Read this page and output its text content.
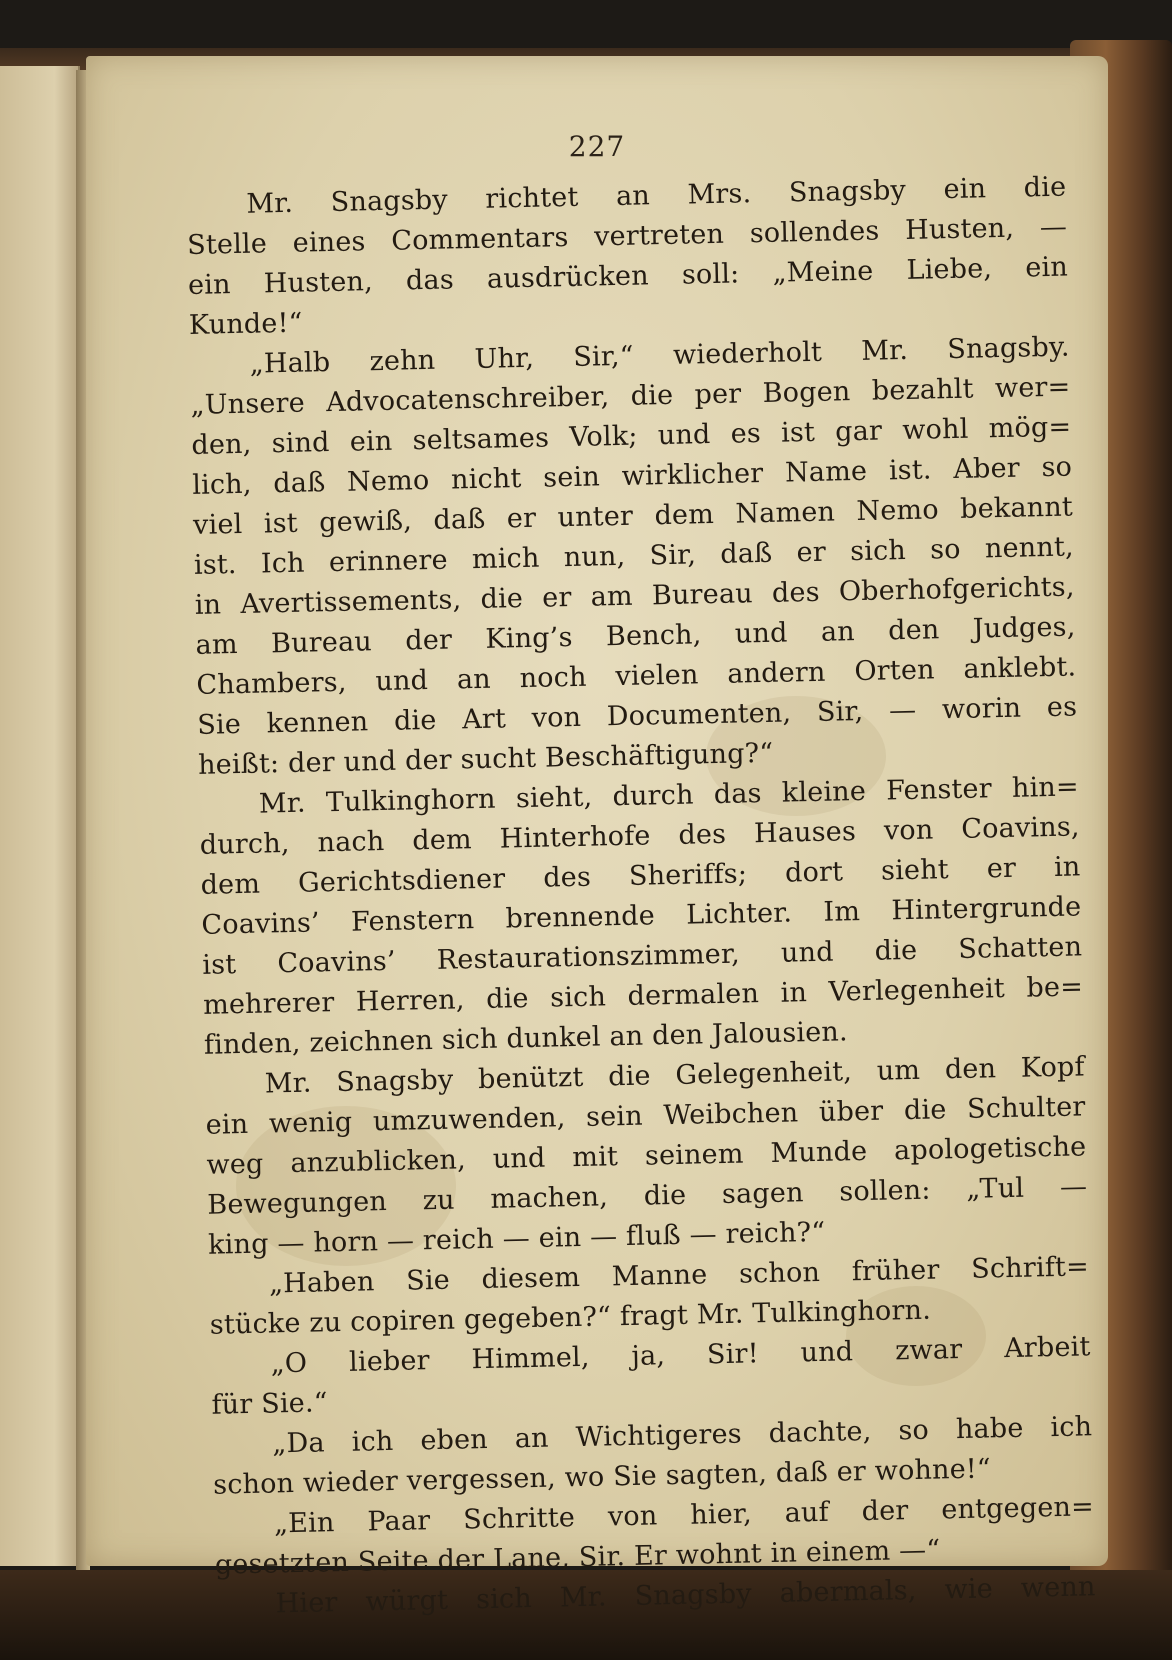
227
Mr. Snagsby richtet an Mrs. Snagsby ein die
Stelle eines Commentars vertreten sollendes Husten, —
ein Husten, das ausdrücken soll: „Meine Liebe, ein
Kunde!“
„Halb zehn Uhr, Sir,“ wiederholt Mr. Snagsby.
„Unsere Advocatenschreiber, die per Bogen bezahlt wer=
den, sind ein seltsames Volk; und es ist gar wohl mög=
lich, daß Nemo nicht sein wirklicher Name ist. Aber so
viel ist gewiß, daß er unter dem Namen Nemo bekannt
ist. Ich erinnere mich nun, Sir, daß er sich so nennt,
in Avertissements, die er am Bureau des Oberhofgerichts,
am Bureau der King’s Bench, und an den Judges,
Chambers, und an noch vielen andern Orten anklebt.
Sie kennen die Art von Documenten, Sir, — worin es
heißt: der und der sucht Beschäftigung?“
Mr. Tulkinghorn sieht, durch das kleine Fenster hin=
durch, nach dem Hinterhofe des Hauses von Coavins,
dem Gerichtsdiener des Sheriffs; dort sieht er in
Coavins’ Fenstern brennende Lichter. Im Hintergrunde
ist Coavins’ Restaurationszimmer, und die Schatten
mehrerer Herren, die sich dermalen in Verlegenheit be=
finden, zeichnen sich dunkel an den Jalousien.
Mr. Snagsby benützt die Gelegenheit, um den Kopf
ein wenig umzuwenden, sein Weibchen über die Schulter
weg anzublicken, und mit seinem Munde apologetische
Bewegungen zu machen, die sagen sollen: „Tul —
king — horn — reich — ein — fluß — reich?“
„Haben Sie diesem Manne schon früher Schrift=
stücke zu copiren gegeben?“ fragt Mr. Tulkinghorn.
„O lieber Himmel, ja, Sir! und zwar Arbeit
für Sie.“
„Da ich eben an Wichtigeres dachte, so habe ich
schon wieder vergessen, wo Sie sagten, daß er wohne!“
„Ein Paar Schritte von hier, auf der entgegen=
gesetzten Seite der Lane, Sir. Er wohnt in einem —“
Hier würgt sich Mr. Snagsby abermals, wie wenn
